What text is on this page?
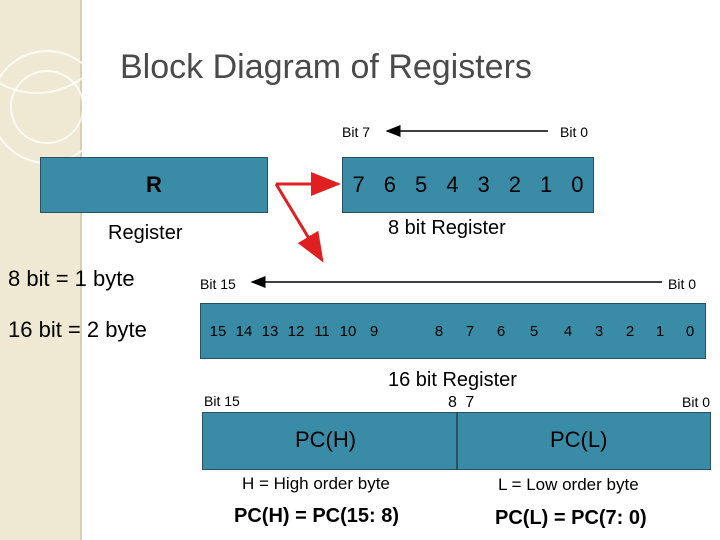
Block Diagram of Registers
Bit 7	Bit 0
R
Register
7 6 5 4 3 2 1 0
8 bit Register
8 bit = 1 byte
16 bit = 2 byte
Bit 15	Bit 0
15 14 13 12 11 10 9	8	7	6	5	4	3	2	1	0
16 bit Register
Bit 15	8 7	Bit 0
PC(H)	PC(L)
H = High order byte	L = Low order byte
PC(H) = PC(15: 8)	PC(L) = PC(7: 0)
